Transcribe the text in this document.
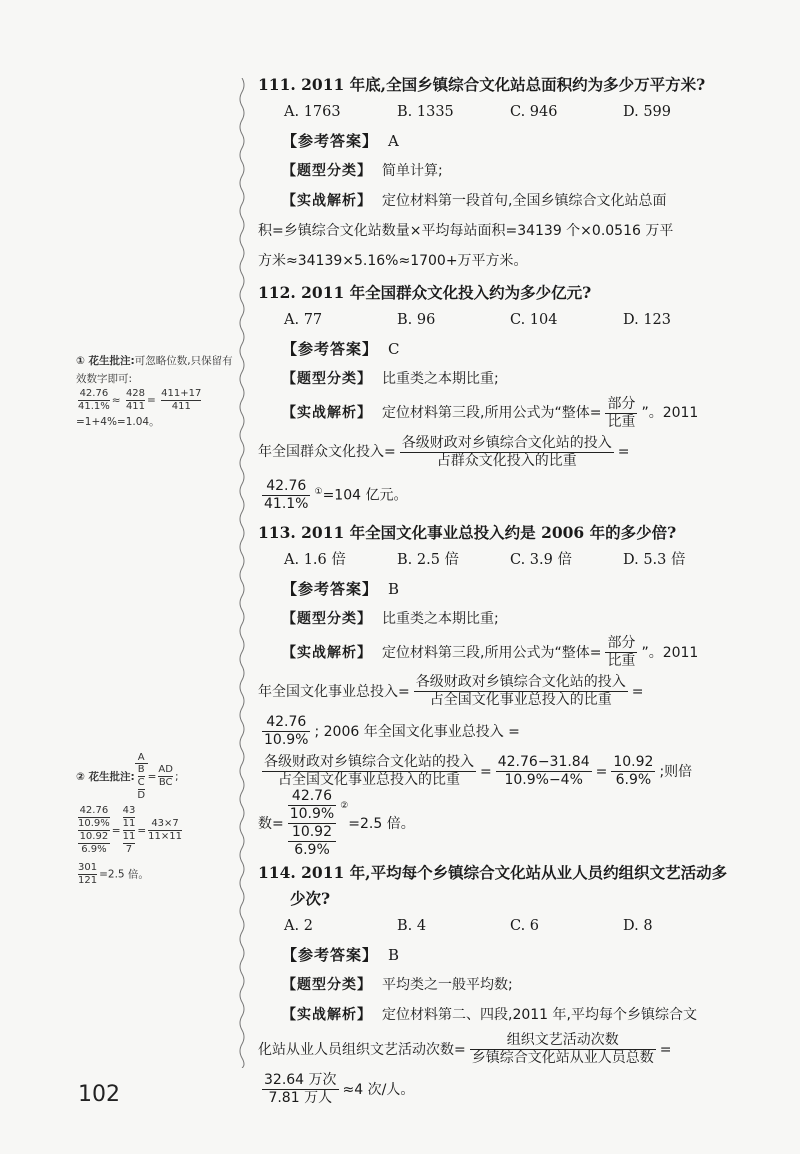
① 花生批注:可忽略位数,只保留有效数字即可:
$\frac{42.76}{41.1\%} \approx \frac{428}{411} = \frac{411+17}{411}$
=1+4%=1.04。
② 花生批注:
A
$\frac{B}{C}$
D
= $\frac{AD}{BC}$ ;
$\frac{42.76}{10.9\%}$
$\frac{10.92}{6.9\%}$
= $\frac{43}{11}$
$\frac{11}{7}$
= $\frac{43\times 7}{11\times 11}$
$\frac{301}{121} =2.5$ 倍。

111. 2011 年底,全国乡镇综合文化站总面积约为多少万平方米?

A. 1763	B. 1335	C. 946	D. 599
【参考答案】 A
【题型分类】 简单计算;
【实战解析】 定位材料第一段首句,全国乡镇综合文化站总面
积=乡镇综合文化站数量×平均每站面积=34139 个×0.0516 万平
方米≈34139×5.16%≈1700+万平方米。

112. 2011 年全国群众文化投入约为多少亿元?

A. 77	B. 96	C. 104	D. 123
【参考答案】 C
【题型分类】 比重类之本期比重;
【实战解析】 定位材料第三段,所用公式为“整体= $\frac{\text{部分}}{\text{比重}}$ ”。2011
年全国群众文化投入= $\frac{\text{各级财政对乡镇综合文化站的投入}}{\text{占群众文化投入的比重}}$ =
$\frac{42.76}{41.1\%} ^①=104$ 亿元。

113. 2011 年全国文化事业总投入约是 2006 年的多少倍?

A. 1.6 倍	B. 2.5 倍	C. 3.9 倍	D. 5.3 倍
【参考答案】 B
【题型分类】 比重类之本期比重;
【实战解析】 定位材料第三段,所用公式为“整体= $\frac{\text{部分}}{\text{比重}}$ ”。2011
年全国文化事业总投入= $\frac{\text{各级财政对乡镇综合文化站的投入}}{\text{占全国文化事业总投入的比重}}$ =
$\frac{42.76}{10.9\%}$ ; 2006 年全国文化事业总投入 =
$\frac{\text{各级财政对乡镇综合文化站的投入}}{\text{占全国文化事业总投入的比重}} = \frac{42.76-31.84}{10.9\%-4\%} = \frac{10.92}{6.9\%}$ ;则倍
数= $\frac{\frac{42.76}{10.9\%}}{\frac{10.92}{6.9\%}} ^②$
=2.5 倍。

114. 2011 年,平均每个乡镇综合文化站从业人员约组织文艺活动多

少次?

A. 2	B. 4	C. 6	D. 8
【参考答案】 B
【题型分类】 平均类之一般平均数;
【实战解析】 定位材料第二、四段,2011 年,平均每个乡镇综合文
化站从业人员组织文艺活动次数= $\frac{\text{组织文艺活动次数}}{\text{乡镇综合文化站从业人员总数}}$ =
$\frac{\text{32.64 万次}}{\text{7.81 万人}} \approx 4$ 次/人。
102
